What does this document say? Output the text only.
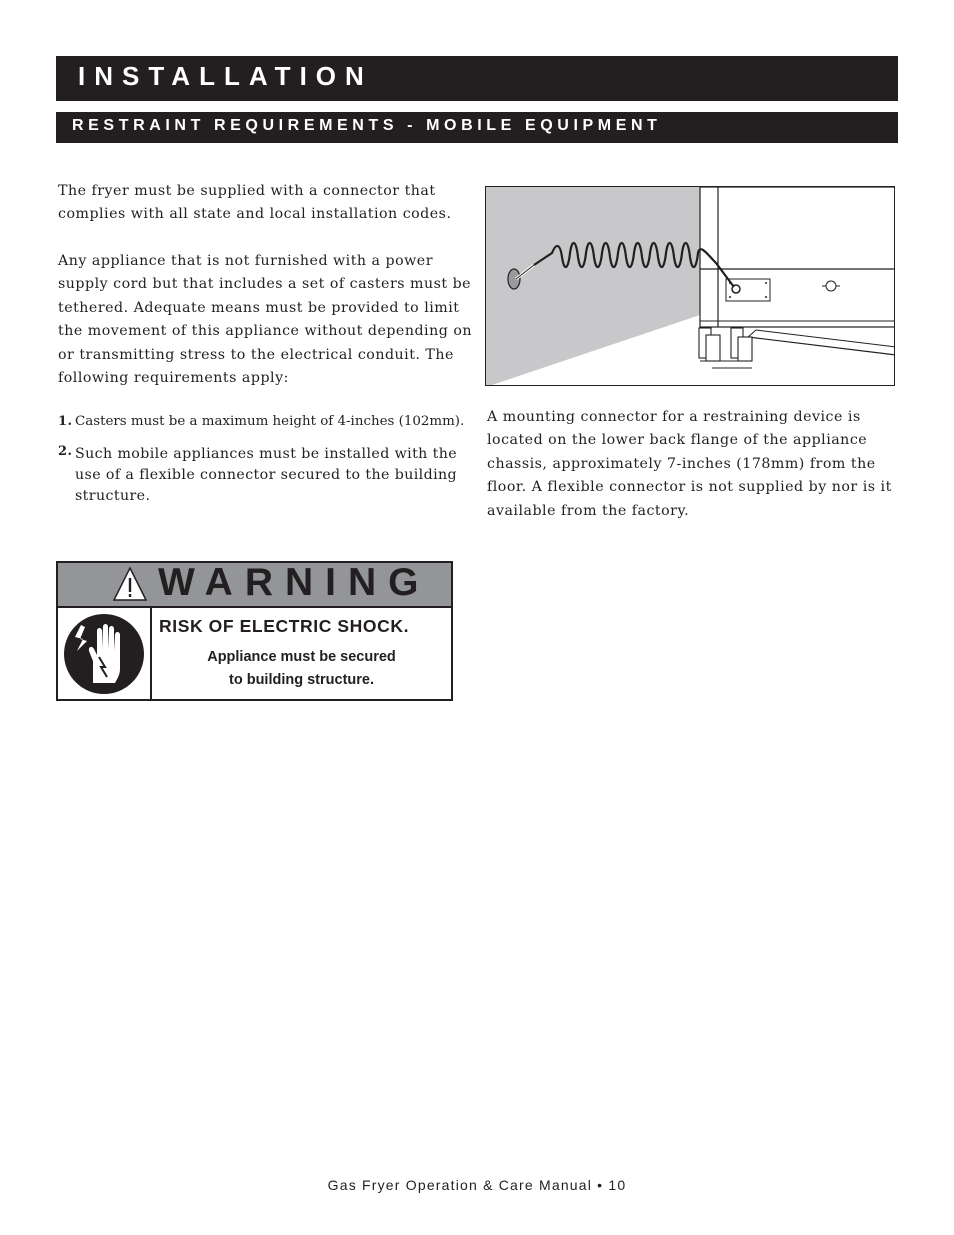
INSTALLATION
RESTRAINT REQUIREMENTS - MOBILE EQUIPMENT

The fryer must be supplied with a connector that complies with all state and local installation codes.

Any appliance that is not furnished with a power supply cord but that includes a set of casters must be tethered. Adequate means must be provided to limit the movement of this appliance without depending on or transmitting stress to the electrical conduit. The following requirements apply:

1. Casters must be a maximum height of 4-inches (102mm).
2. Such mobile appliances must be installed with the use of a flexible connector secured to the building structure.

A mounting connector for a restraining device is located on the lower back flange of the appliance chassis, approximately 7-inches (178mm) from the floor. A flexible connector is not supplied by nor is it available from the factory.

WARNING
RISK OF ELECTRIC SHOCK.
Appliance must be secured
to building structure.
Gas Fryer Operation & Care Manual • 10
